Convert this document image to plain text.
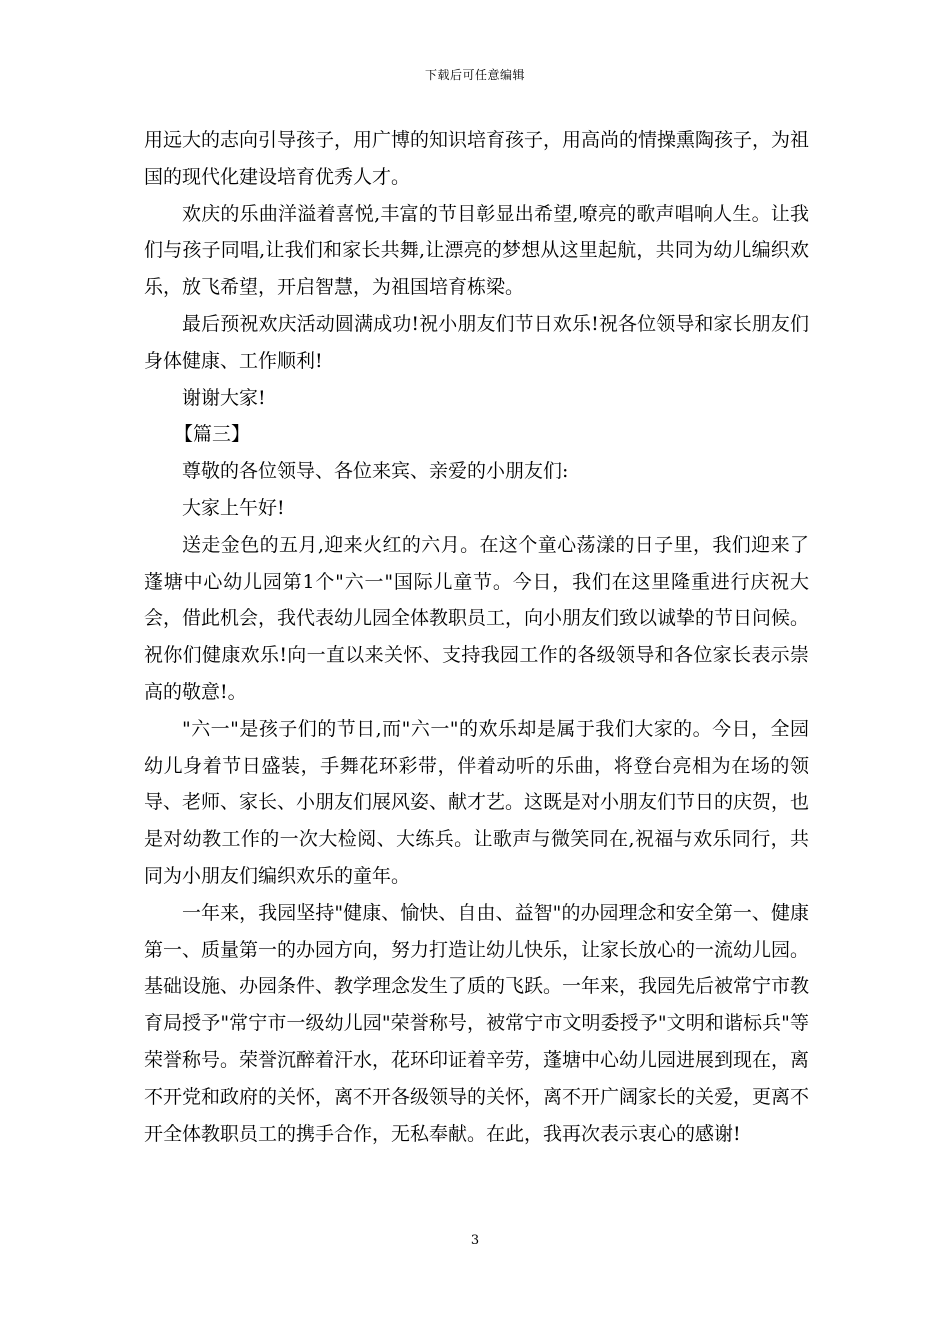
下载后可任意编辑

用远大的志向引导孩子，用广博的知识培育孩子，用高尚的情操熏陶孩子，为祖国的现代化建设培育优秀人才。

欢庆的乐曲洋溢着喜悦,丰富的节目彰显出希望,嘹亮的歌声唱响人生。让我们与孩子同唱,让我们和家长共舞,让漂亮的梦想从这里起航，共同为幼儿编织欢乐，放飞希望，开启智慧，为祖国培育栋梁。

最后预祝欢庆活动圆满成功!祝小朋友们节日欢乐!祝各位领导和家长朋友们身体健康、工作顺利!

谢谢大家!

【篇三】

尊敬的各位领导、各位来宾、亲爱的小朋友们:

大家上午好!

送走金色的五月,迎来火红的六月。在这个童心荡漾的日子里，我们迎来了蓬塘中心幼儿园第1个"六一"国际儿童节。今日，我们在这里隆重进行庆祝大会，借此机会，我代表幼儿园全体教职员工，向小朋友们致以诚挚的节日问候。祝你们健康欢乐!向一直以来关怀、支持我园工作的各级领导和各位家长表示崇高的敬意!。

"六一"是孩子们的节日,而"六一"的欢乐却是属于我们大家的。今日，全园幼儿身着节日盛装，手舞花环彩带，伴着动听的乐曲，将登台亮相为在场的领导、老师、家长、小朋友们展风姿、献才艺。这既是对小朋友们节日的庆贺，也是对幼教工作的一次大检阅、大练兵。让歌声与微笑同在,祝福与欢乐同行，共同为小朋友们编织欢乐的童年。

一年来，我园坚持"健康、愉快、自由、益智"的办园理念和安全第一、健康第一、质量第一的办园方向，努力打造让幼儿快乐，让家长放心的一流幼儿园。基础设施、办园条件、教学理念发生了质的飞跃。一年来，我园先后被常宁市教育局授予"常宁市一级幼儿园"荣誉称号，被常宁市文明委授予"文明和谐标兵"等荣誉称号。荣誉沉醉着汗水，花环印证着辛劳，蓬塘中心幼儿园进展到现在，离不开党和政府的关怀，离不开各级领导的关怀，离不开广阔家长的关爱，更离不开全体教职员工的携手合作，无私奉献。在此，我再次表示衷心的感谢!

3
